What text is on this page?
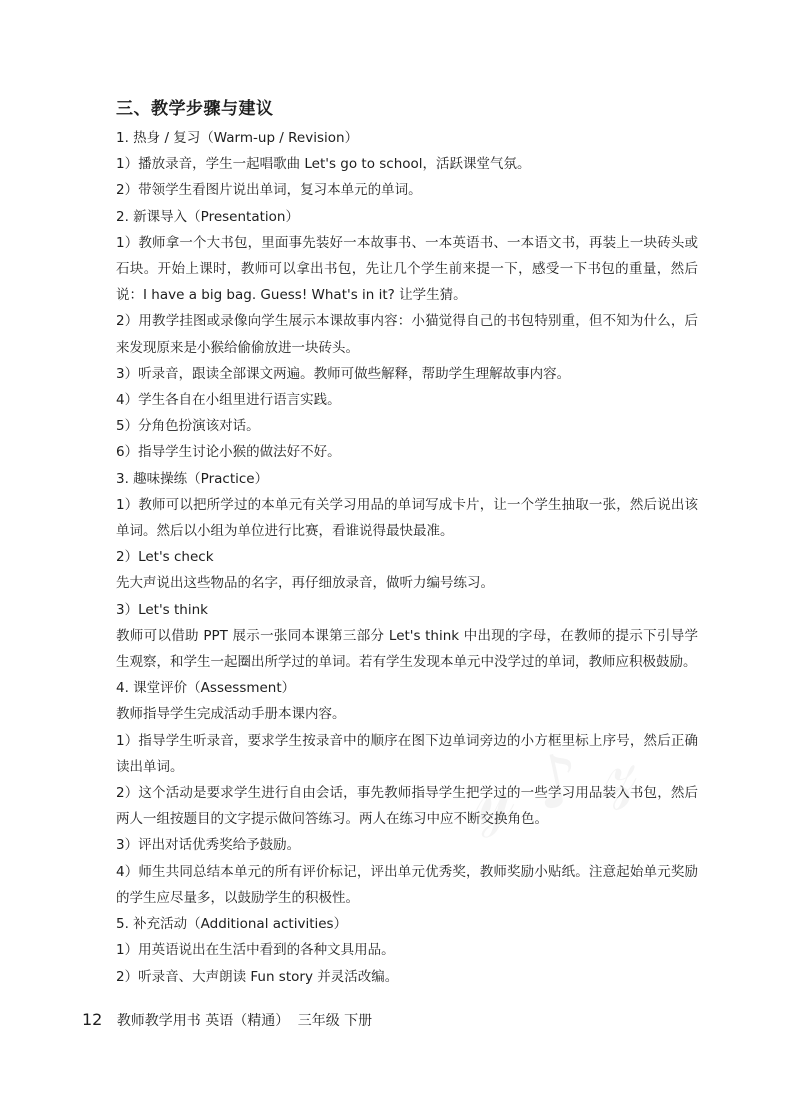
三、教学步骤与建议
1. 热身 / 复习（Warm-up / Revision）
1）播放录音，学生一起唱歌曲 Let's go to school，活跃课堂气氛。
2）带领学生看图片说出单词，复习本单元的单词。
2. 新课导入（Presentation）
1）教师拿一个大书包，里面事先装好一本故事书、一本英语书、一本语文书，再装上一块砖头或石块。开始上课时，教师可以拿出书包，先让几个学生前来提一下，感受一下书包的重量，然后说：I have a big bag. Guess! What's in it? 让学生猜。
2）用教学挂图或录像向学生展示本课故事内容：小猫觉得自己的书包特别重，但不知为什么，后来发现原来是小猴给偷偷放进一块砖头。
3）听录音，跟读全部课文两遍。教师可做些解释，帮助学生理解故事内容。
4）学生各自在小组里进行语言实践。
5）分角色扮演该对话。
6）指导学生讨论小猴的做法好不好。
3. 趣味操练（Practice）
1）教师可以把所学过的本单元有关学习用品的单词写成卡片，让一个学生抽取一张，然后说出该单词。然后以小组为单位进行比赛，看谁说得最快最准。
2）Let's check
先大声说出这些物品的名字，再仔细放录音，做听力编号练习。
3）Let's think
教师可以借助 PPT 展示一张同本课第三部分 Let's think 中出现的字母，在教师的提示下引导学生观察，和学生一起圈出所学过的单词。若有学生发现本单元中没学过的单词，教师应积极鼓励。
4. 课堂评价（Assessment）
教师指导学生完成活动手册本课内容。
1）指导学生听录音，要求学生按录音中的顺序在图下边单词旁边的小方框里标上序号，然后正确读出单词。
2）这个活动是要求学生进行自由会话，事先教师指导学生把学过的一些学习用品装入书包，然后两人一组按题目的文字提示做问答练习。两人在练习中应不断交换角色。
3）评出对话优秀奖给予鼓励。
4）师生共同总结本单元的所有评价标记，评出单元优秀奖，教师奖励小贴纸。注意起始单元奖励的学生应尽量多，以鼓励学生的积极性。
5. 补充活动（Additional activities）
1）用英语说出在生活中看到的各种文具用品。
2）听录音、大声朗读 Fun story 并灵活改编。
12 教师教学用书 英语（精通） 三年级 下册
